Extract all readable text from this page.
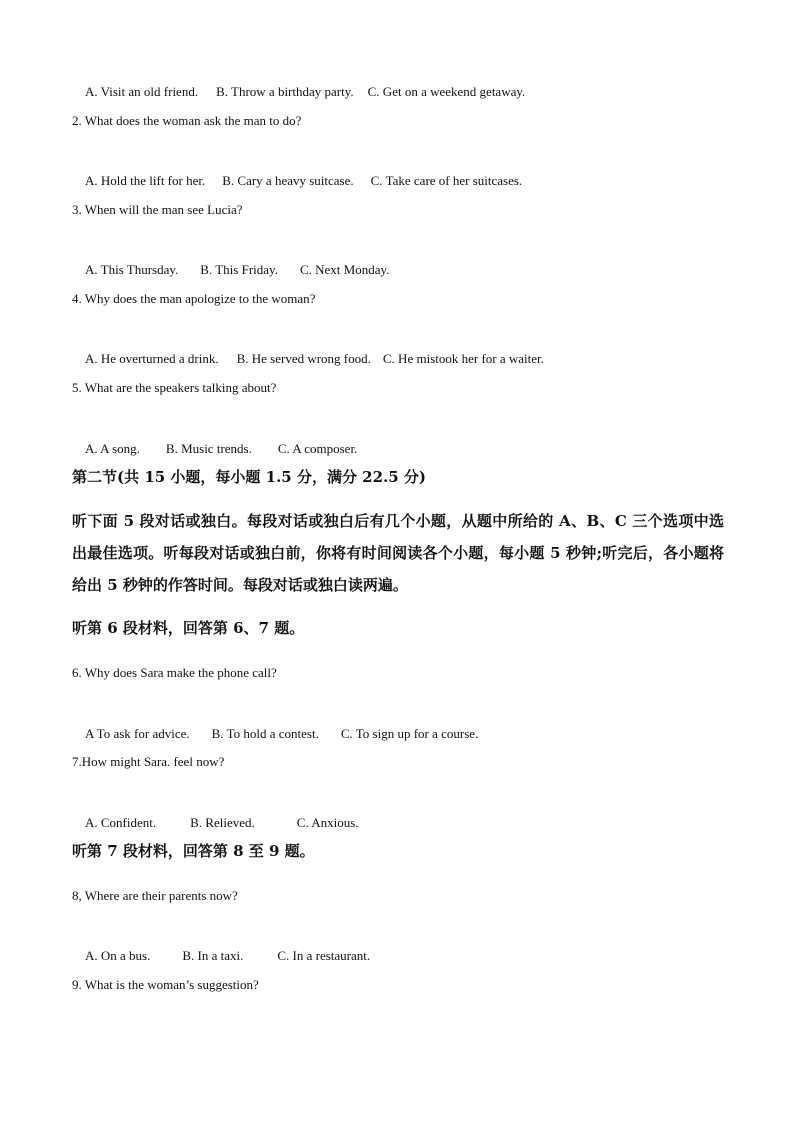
A. Visit an old friend. B. Throw a birthday party. C. Get on a weekend getaway.

2. What does the woman ask the man to do?

A. Hold the lift for her. B. Cary a heavy suitcase. C. Take care of her suitcases.

3. When will the man see Lucia?

A. This Thursday. B. This Friday. C. Next Monday.

4. Why does the man apologize to the woman?

A. He overturned a drink. B. He served wrong food. C. He mistook her for a waiter.

5. What are the speakers talking about?

A. A song. B. Music trends. C. A composer.

第二节(共 15 小题，每小题 1.5 分，满分 22.5 分)
听下面 5 段对话或独白。每段对话或独白后有几个小题，从题中所给的 A、B、C 三个选项中选出最佳选项。听每段对话或独白前，你将有时间阅读各个小题，每小题 5 秒钟;听完后，各小题将给出 5 秒钟的作答时间。每段对话或独白读两遍。
听第 6 段材料，回答第 6、7 题。
6. Why does Sara make the phone call?

A To ask for advice. B. To hold a contest. C. To sign up for a course.

7.How might Sara. feel now?

A. Confident.	B. Relieved.	C. Anxious.

听第 7 段材料，回答第 8 至 9 题。
8, Where are their parents now?

A. On a bus. B. In a taxi.	C. In a restaurant.

9. What is the woman’s suggestion?
